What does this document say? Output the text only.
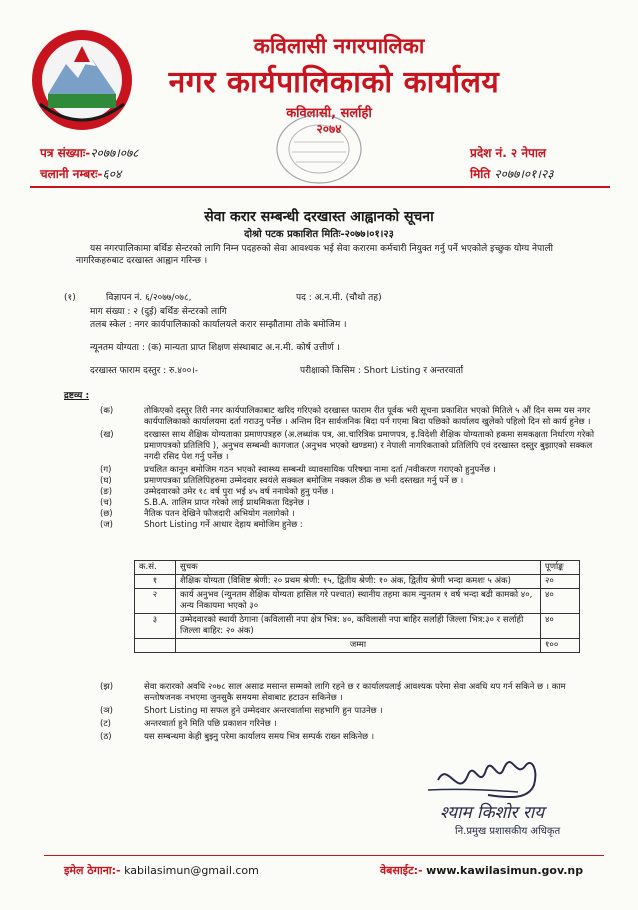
कविलासी नगरपालिका
नगर कार्यपालिकाको कार्यालय
कविलासी, सर्लाही
२०७४
पत्र संख्याः-२०७७।०७८
चलानी नम्बरः-६०४
प्रदेश नं. २ नेपाल
मिति २०७७।०१।२३
सेवा करार सम्बन्धी दरखास्त आह्वानको सूचना
दोश्रो पटक प्रकाशित मितिः-२०७७।०१।२३
यस नगरपालिकामा बर्थिङ सेन्टरको लागि निम्न पदहरुको सेवा आवश्यक भई सेवा करारमा कर्मचारी नियुक्त गर्नु पर्ने भएकोले इच्छुक योग्य नेपाली नागरिकहरुबाट दरखास्त आह्वान गरिन्छ ।
(१)	विज्ञापन नं. ६/२०७७/०७८,	पद : अ.न.मी. (चौथो तह)
माग संख्या : २ (दुई) बर्थिङ सेन्टरको लागि
तलब स्केल : नगर कार्यपालिकाको कार्यालयले करार सम्झौतामा तोके बमोजिम ।
न्यूनतम योग्यता : (क) मान्यता प्राप्त शिक्षण संस्थाबाट अ.न.मी. कोर्ष उत्तीर्ण ।
दरखास्त फाराम दस्तुर : रु.४००।-	परीक्षाको किसिम : Short Listing र अन्तरवार्ता
द्रष्टव्य :
(क)	तोकिएको दस्तुर तिरी नगर कार्यपालिकाबाट खरिद गरिएको दरखास्त फाराम रीत पूर्वक भरी सूचना प्रकाशित भएको मितिले ५ औं दिन सम्म यस नगर कार्यपालिकाको कार्यालयमा दर्ता गराउनु पर्नेछ । अन्तिम दिन सार्वजनिक बिदा पर्न गएमा बिदा पछिको कार्यालय खुलेको पहिलो दिन सो कार्य हुनेछ ।
(ख)	दरखास्त साथ शैक्षिक योग्यताका प्रमाणपत्रहरु (अ.लब्धांक पत्र, आ.चारित्रिक प्रमाणपत्र, इ.विदेशी शैक्षिक योग्यताको हकमा समकक्षता निर्धारण गरेको प्रमाणपत्रको प्रतिलिपि ), अनुभव सम्बन्धी कागजात (अनुभव भएको खण्डमा) र नेपाली नागरिकताको प्रतिलिपि एवं दरखास्त दस्तुर बुझाएको सक्कल नगदी रसिद पेश गर्नु पर्नेछ ।
(ग)	प्रचलित कानून बमोजिम गठन भएको स्वास्थ्य सम्बन्धी व्यावसायिक परिषद्मा नामा दर्ता /नवीकरण गराएको हुनुपर्नेछ ।
(घ)	प्रमाणपत्रका प्रतिलिपिहरुमा उम्मेदवार स्वयंले सक्कल बमोजिम नक्कल ठीक छ भनी दस्तखत गर्नु पर्ने छ ।
(ङ)	उम्मेदवारको उमेर १८ वर्ष पुरा भई ४५ वर्ष ननाघेको हुनु पर्नेछ ।
(च)	S.B.A. तालिम प्राप्त गरेको लाई प्राथमिकता दिइनेछ ।
(छ)	नैतिक पतन देखिने फौजदारी अभियोग नलागेको ।
(ज)	Short Listing गर्ने आधार देहाय बमोजिम हुनेछ :
क.सं.	सुचक	पूर्णाङ्क
१	शैक्षिक योग्यता (विशिष्ट श्रेणी: २० प्रथम श्रेणी: १५, द्वितीय श्रेणी: १० अंक, द्वितीय श्रेणी भन्दा कमशः ५ अंक)	२०
२	कार्य अनुभव (न्युनतम शैक्षिक योग्यता हासिल गरे पश्चात) स्थानीय तहमा काम न्युनतम १ वर्ष भन्दा बढी कामको ४०, अन्य निकायमा भएको ३०	४०
३	उम्मेदवारको स्थायी ठेगाना (कविलासी नपा क्षेत्र भित्र: ४०, कविलासी नपा बाहिर सर्लाही जिल्ला भित्र:३० र सर्लाही जिल्ला बाहिर: २० अंक)	४०
	जम्मा	१००
(झ)	सेवा करारको अवधि २०७८ साल असाढ मसान्त सम्मको लागि रहने छ र कार्यालयलाई आवश्यक परेमा सेवा अवधि थप गर्न सकिने छ । काम सन्तोषजनक नभएमा जुनसुकै समयमा सेवाबाट हटाउन सकिनेछ ।
(ञ)	Short Listing मा सफल हुने उम्मेदवार अन्तरवार्तामा सहभागि हुन पाउनेछ ।
(ट)	अन्तरवार्ता हुने मिति पछि प्रकाशन गरिनेछ ।
(ठ)	यस सम्बन्धमा केही बुझ्नु परेमा कार्यालय समय भित्र सम्पर्क राख्न सकिनेछ ।
श्याम किशोर राय
नि.प्रमुख प्रशासकीय अधिकृत
इमेल ठेगाना:- kabilasimun@gmail.com	वेबसाईट:- www.kawilasimun.gov.np
